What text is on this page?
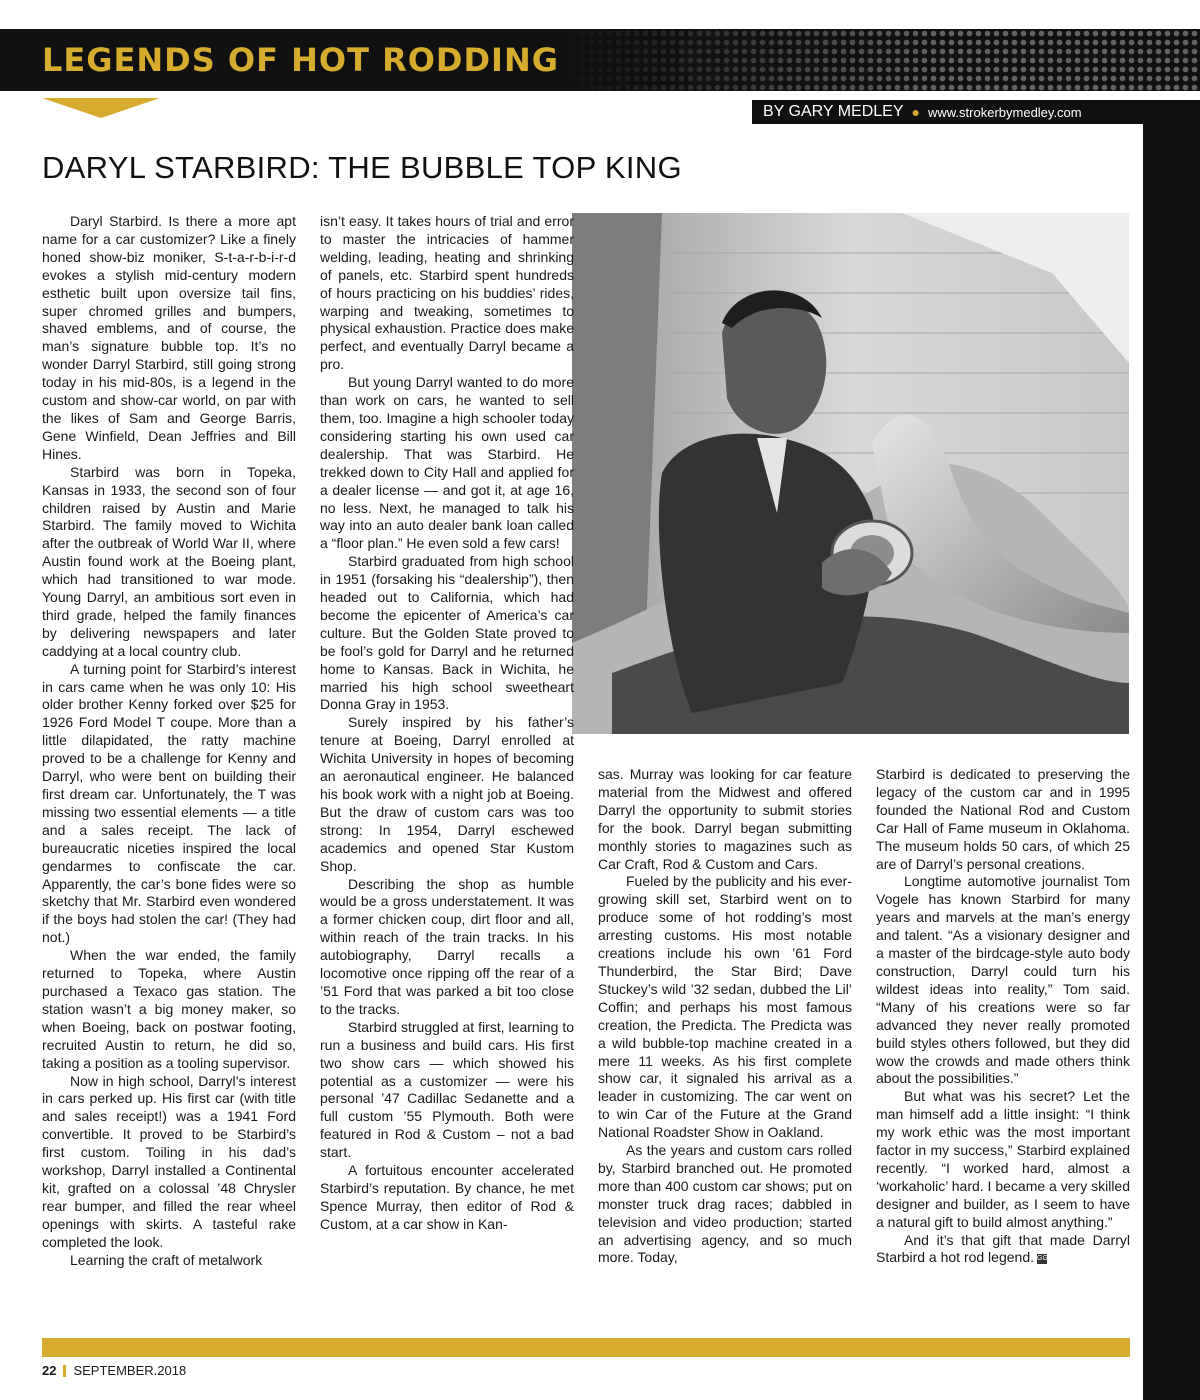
LEGENDS OF HOT RODDING
BY GARY MEDLEY ● www.strokerbymedley.com
DARYL STARBIRD: THE BUBBLE TOP KING

Daryl Starbird. Is there a more apt name for a car customizer? Like a finely honed show-biz moniker, S-t-a-r-b-i-r-d evokes a stylish mid-century modern esthetic built upon oversize tail fins, super chromed grilles and bumpers, shaved emblems, and of course, the man’s signature bubble top. It’s no wonder Darryl Starbird, still going strong today in his mid-80s, is a legend in the custom and show-car world, on par with the likes of Sam and George Barris, Gene Winfield, Dean Jeffries and Bill Hines.

Starbird was born in Topeka, Kansas in 1933, the second son of four children raised by Austin and Marie Starbird. The family moved to Wichita after the outbreak of World War II, where Austin found work at the Boeing plant, which had transitioned to war mode. Young Darryl, an ambitious sort even in third grade, helped the family finances by delivering newspapers and later caddying at a local country club.

A turning point for Starbird’s interest in cars came when he was only 10: His older brother Kenny forked over $25 for 1926 Ford Model T coupe. More than a little dilapidated, the ratty machine proved to be a challenge for Kenny and Darryl, who were bent on building their first dream car. Unfortunately, the T was missing two essential elements — a title and a sales receipt. The lack of bureaucratic niceties inspired the local gendarmes to confiscate the car. Apparently, the car’s bone fides were so sketchy that Mr. Starbird even wondered if the boys had stolen the car! (They had not.)

When the war ended, the family returned to Topeka, where Austin purchased a Texaco gas station. The station wasn’t a big money maker, so when Boeing, back on postwar footing, recruited Austin to return, he did so, taking a position as a tooling supervisor.

Now in high school, Darryl’s interest in cars perked up. His first car (with title and sales receipt!) was a 1941 Ford convertible. It proved to be Starbird’s first custom. Toiling in his dad’s workshop, Darryl installed a Continental kit, grafted on a colossal ’48 Chrysler rear bumper, and filled the rear wheel openings with skirts. A tasteful rake completed the look.

Learning the craft of metalwork

isn’t easy. It takes hours of trial and error to master the intricacies of hammer welding, leading, heating and shrinking of panels, etc. Starbird spent hundreds of hours practicing on his buddies’ rides, warping and tweaking, sometimes to physical exhaustion. Practice does make perfect, and eventually Darryl became a pro.

But young Darryl wanted to do more than work on cars, he wanted to sell them, too. Imagine a high schooler today considering starting his own used car dealership. That was Starbird. He trekked down to City Hall and applied for a dealer license — and got it, at age 16, no less. Next, he managed to talk his way into an auto dealer bank loan called a “floor plan.” He even sold a few cars!

Starbird graduated from high school in 1951 (forsaking his “dealership”), then headed out to California, which had become the epicenter of America’s car culture. But the Golden State proved to be fool’s gold for Darryl and he returned home to Kansas. Back in Wichita, he married his high school sweetheart Donna Gray in 1953.

Surely inspired by his father’s tenure at Boeing, Darryl enrolled at Wichita University in hopes of becoming an aeronautical engineer. He balanced his book work with a night job at Boeing. But the draw of custom cars was too strong: In 1954, Darryl eschewed academics and opened Star Kustom Shop.

Describing the shop as humble would be a gross understatement. It was a former chicken coup, dirt floor and all, within reach of the train tracks. In his autobiography, Darryl recalls a locomotive once ripping off the rear of a ’51 Ford that was parked a bit too close to the tracks.

Starbird struggled at first, learning to run a business and build cars. His first two show cars — which showed his potential as a customizer — were his personal ’47 Cadillac Sedanette and a full custom ’55 Plymouth. Both were featured in Rod & Custom – not a bad start.

A fortuitous encounter accelerated Starbird’s reputation. By chance, he met Spence Murray, then editor of Rod & Custom, at a car show in Kan-

sas. Murray was looking for car feature material from the Midwest and offered Darryl the opportunity to submit stories for the book. Darryl began submitting monthly stories to magazines such as Car Craft, Rod & Custom and Cars.

Fueled by the publicity and his ever-growing skill set, Starbird went on to produce some of hot rodding’s most arresting customs. His most notable creations include his own ’61 Ford Thunderbird, the Star Bird; Dave Stuckey’s wild ’32 sedan, dubbed the Lil’ Coffin; and perhaps his most famous creation, the Predicta. The Predicta was a wild bubble-top machine created in a mere 11 weeks. As his first complete show car, it signaled his arrival as a leader in customizing. The car went on to win Car of the Future at the Grand National Roadster Show in Oakland.

As the years and custom cars rolled by, Starbird branched out. He promoted more than 400 custom car shows; put on monster truck drag races; dabbled in television and video production; started an advertising agency, and so much more. Today,

Starbird is dedicated to preserving the legacy of the custom car and in 1995 founded the National Rod and Custom Car Hall of Fame museum in Oklahoma. The museum holds 50 cars, of which 25 are of Darryl’s personal creations.

Longtime automotive journalist Tom Vogele has known Starbird for many years and marvels at the man’s energy and talent. “As a visionary designer and a master of the birdcage-style auto body construction, Darryl could turn his wildest ideas into reality,” Tom said. “Many of his creations were so far advanced they never really promoted build styles others followed, but they did wow the crowds and made others think about the possibilities.”

But what was his secret? Let the man himself add a little insight: “I think my work ethic was the most important factor in my success,” Starbird explained recently. “I worked hard, almost a ‘workaholic’ hard. I became a very skilled designer and builder, as I seem to have a natural gift to build almost anything.”

And it’s that gift that made Darryl Starbird a hot rod legend. GG

22 SEPTEMBER.2018
